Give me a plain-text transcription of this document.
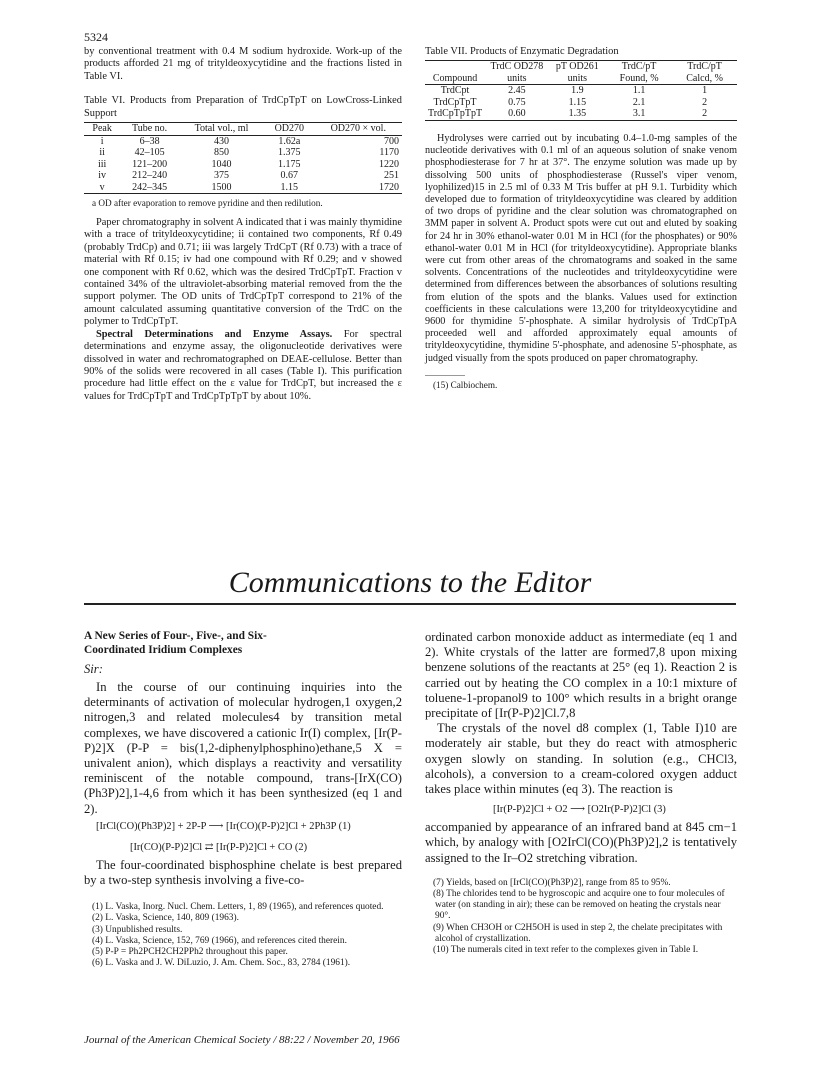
5324

by conventional treatment with 0.4 M sodium hydroxide. Work-up of the products afforded 21 mg of trityldeoxycytidine and the fractions listed in Table VI.

Table VI. Products from Preparation of TrdCpTpT on LowCross-Linked Support
Peak	Tube no.	Total vol., ml	OD270	OD270 × vol.
i	6–38	430	1.62a	700
ii	42–105	850	1.375	1170
iii	121–200	1040	1.175	1220
iv	212–240	375	0.67	251
v	242–345	1500	1.15	1720
a OD after evaporation to remove pyridine and then redilution.

Paper chromatography in solvent A indicated that i was mainly thymidine with a trace of trityldeoxycytidine; ii contained two components, Rf 0.49 (probably TrdCp) and 0.71; iii was largely TrdCpT (Rf 0.73) with a trace of material with Rf 0.15; iv had one compound with Rf 0.29; and v showed one component with Rf 0.62, which was the desired TrdCpTpT. Fraction v contained 34% of the ultraviolet-absorbing material removed from the the support polymer. The OD units of TrdCpTpT correspond to 21% of the amount calculated assuming quantitative conversion of the TrdC on the polymer to TrdCpTpT.

Spectral Determinations and Enzyme Assays. For spectral determinations and enzyme assay, the oligonucleotide derivatives were dissolved in water and rechromatographed on DEAE-cellulose. Better than 90% of the solids were recovered in all cases (Table I). This purification procedure had little effect on the ε value for TrdCpT, but increased the ε values for TrdCpTpT and TrdCpTpTpT by about 10%.

Table VII. Products of Enzymatic Degradation
Compound	TrdC OD278 units	pT OD261 units	TrdC/pT Found, %	TrdC/pT Calcd, %
TrdCpt	2.45	1.9	1.1	1
TrdCpTpT	0.75	1.15	2.1	2
TrdCpTpTpT	0.60	1.35	3.1	2

Hydrolyses were carried out by incubating 0.4–1.0-mg samples of the nucleotide derivatives with 0.1 ml of an aqueous solution of snake venom phosphodiesterase for 7 hr at 37°. The enzyme solution was made up by dissolving 500 units of phosphodiesterase (Russel's viper venom, lyophilized)15 in 2.5 ml of 0.33 M Tris buffer at pH 9.1. Turbidity which developed due to formation of trityldeoxycytidine was cleared by addition of two drops of pyridine and the clear solution was chromatographed on 3MM paper in solvent A. Product spots were cut out and eluted by soaking for 24 hr in 30% ethanol-water 0.01 M in HCl (for the phosphates) or 90% ethanol-water 0.01 M in HCl (for trityldeoxycytidine). Appropriate blanks were cut from other areas of the chromatograms and soaked in the same solvents. Concentrations of the nucleotides and trityldeoxycytidine were determined from differences between the absorbances of solutions resulting from elution of the spots and the blanks. Values used for extinction coefficients in these calculations were 13,200 for trityldeoxycytidine and 9600 for thymidine 5'-phosphate. A similar hydrolysis of TrdCpTpA proceeded well and afforded approximately equal amounts of trityldeoxycytidine, thymidine 5'-phosphate, and adenosine 5'-phosphate, as judged visually from the spots produced on paper chromatography.

(15) Calbiochem.
Communications to the Editor
A New Series of Four-, Five-, and Six-
Coordinated Iridium Complexes
Sir:

In the course of our continuing inquiries into the determinants of activation of molecular hydrogen,1 oxygen,2 nitrogen,3 and related molecules4 by transition metal complexes, we have discovered a cationic Ir(I) complex, [Ir(P-P)2]X (P-P = bis(1,2-diphenylphosphino)ethane,5 X = univalent anion), which displays a reactivity and versatility reminiscent of the notable compound, trans-[IrX(CO)(Ph3P)2],1-4,6 from which it has been synthesized (eq 1 and 2).

[IrCl(CO)(Ph3P)2] + 2P-P ⟶ [Ir(CO)(P-P)2]Cl + 2Ph3P (1)
[Ir(CO)(P-P)2]Cl ⇄ [Ir(P-P)2]Cl + CO (2)

The four-coordinated bisphosphine chelate is best prepared by a two-step synthesis involving a five-co-

(1) L. Vaska, Inorg. Nucl. Chem. Letters, 1, 89 (1965), and references quoted.

(2) L. Vaska, Science, 140, 809 (1963).

(3) Unpublished results.

(4) L. Vaska, Science, 152, 769 (1966), and references cited therein.

(5) P-P = Ph2PCH2CH2PPh2 throughout this paper.

(6) L. Vaska and J. W. DiLuzio, J. Am. Chem. Soc., 83, 2784 (1961).

ordinated carbon monoxide adduct as intermediate (eq 1 and 2). White crystals of the latter are formed7,8 upon mixing benzene solutions of the reactants at 25° (eq 1). Reaction 2 is carried out by heating the CO complex in a 10:1 mixture of toluene-1-propanol9 to 100° which results in a bright orange precipitate of [Ir(P-P)2]Cl.7,8

The crystals of the novel d8 complex (1, Table I)10 are moderately air stable, but they do react with atmospheric oxygen slowly on standing. In solution (e.g., CHCl3, alcohols), a conversion to a cream-colored oxygen adduct takes place within minutes (eq 3). The reaction is

[Ir(P-P)2]Cl + O2 ⟶ [O2Ir(P-P)2]Cl (3)

accompanied by appearance of an infrared band at 845 cm−1 which, by analogy with [O2IrCl(CO)(Ph3P)2],2 is tentatively assigned to the Ir–O2 stretching vibration.

(7) Yields, based on [IrCl(CO)(Ph3P)2], range from 85 to 95%.

(8) The chlorides tend to be hygroscopic and acquire one to four molecules of water (on standing in air); these can be removed on heating the crystals near 90°.

(9) When CH3OH or C2H5OH is used in step 2, the chelate precipitates with alcohol of crystallization.

(10) The numerals cited in text refer to the complexes given in Table I.

Journal of the American Chemical Society / 88:22 / November 20, 1966
